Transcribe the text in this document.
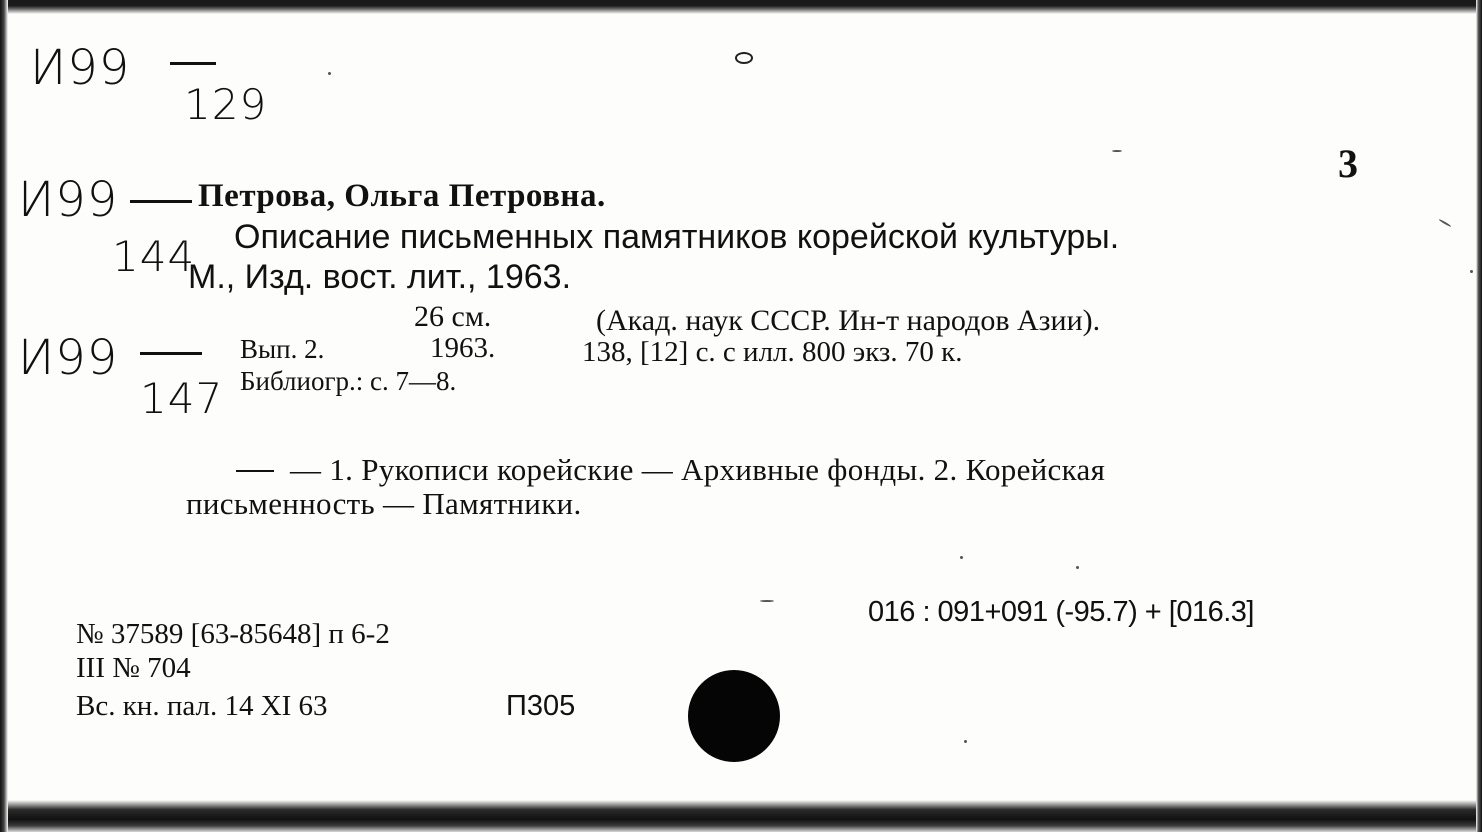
И99
129
И99
144
И99
147
3
Петрова, Ольга Петровна.
Описание письменных памятников корейской культуры.
М., Изд. вост. лит., 1963.
26 см.	(Акад. наук СССР. Ин-т народов Азии).
Вып. 2.	1963.	138, [12] с. с илл. 800 экз. 70 к.
Библиогр.: с. 7—8.
— 1. Рукописи корейские — Архивные фонды. 2. Корейская
письменность — Памятники.
016 : 091+091 (-95.7) + [016.3]
№ 37589 [63-85648] п 6-2
III № 704
Вс. кн. пал. 14 XI 63	П305
